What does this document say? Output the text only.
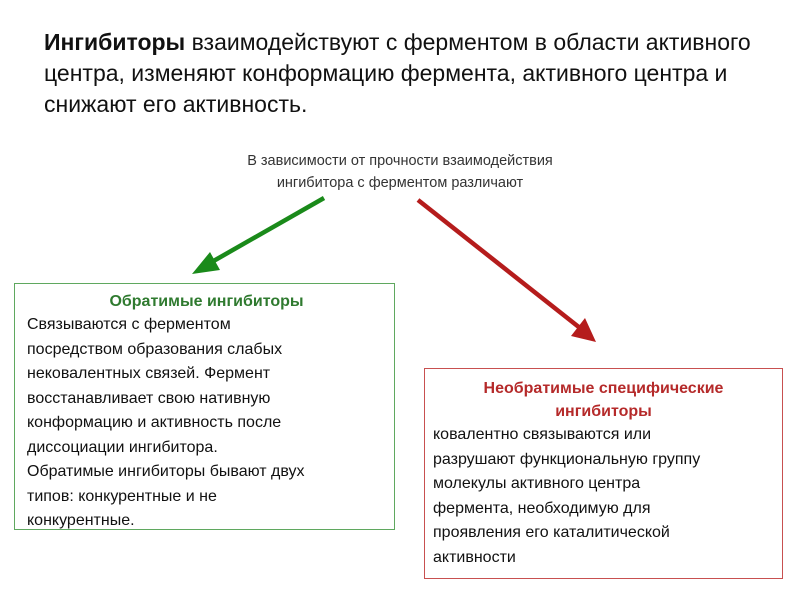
Ингибиторы взаимодействуют с ферментом в области активного центра, изменяют конформацию фермента, активного центра и снижают его активность.

В зависимости от прочности взаимодействия
ингибитора с ферментом различают

Обратимые ингибиторы

Связываются с ферментом
посредством образования слабых
нековалентных связей. Фермент
восстанавливает свою нативную
конформацию и активность после
диссоциации ингибитора.
Обратимые ингибиторы бывают двух
типов: конкурентные и не
конкурентные.

Необратимые специфические
ингибиторы

ковалентно связываются или
разрушают функциональную группу
молекулы активного центра
фермента, необходимую для
проявления его каталитической
активности
